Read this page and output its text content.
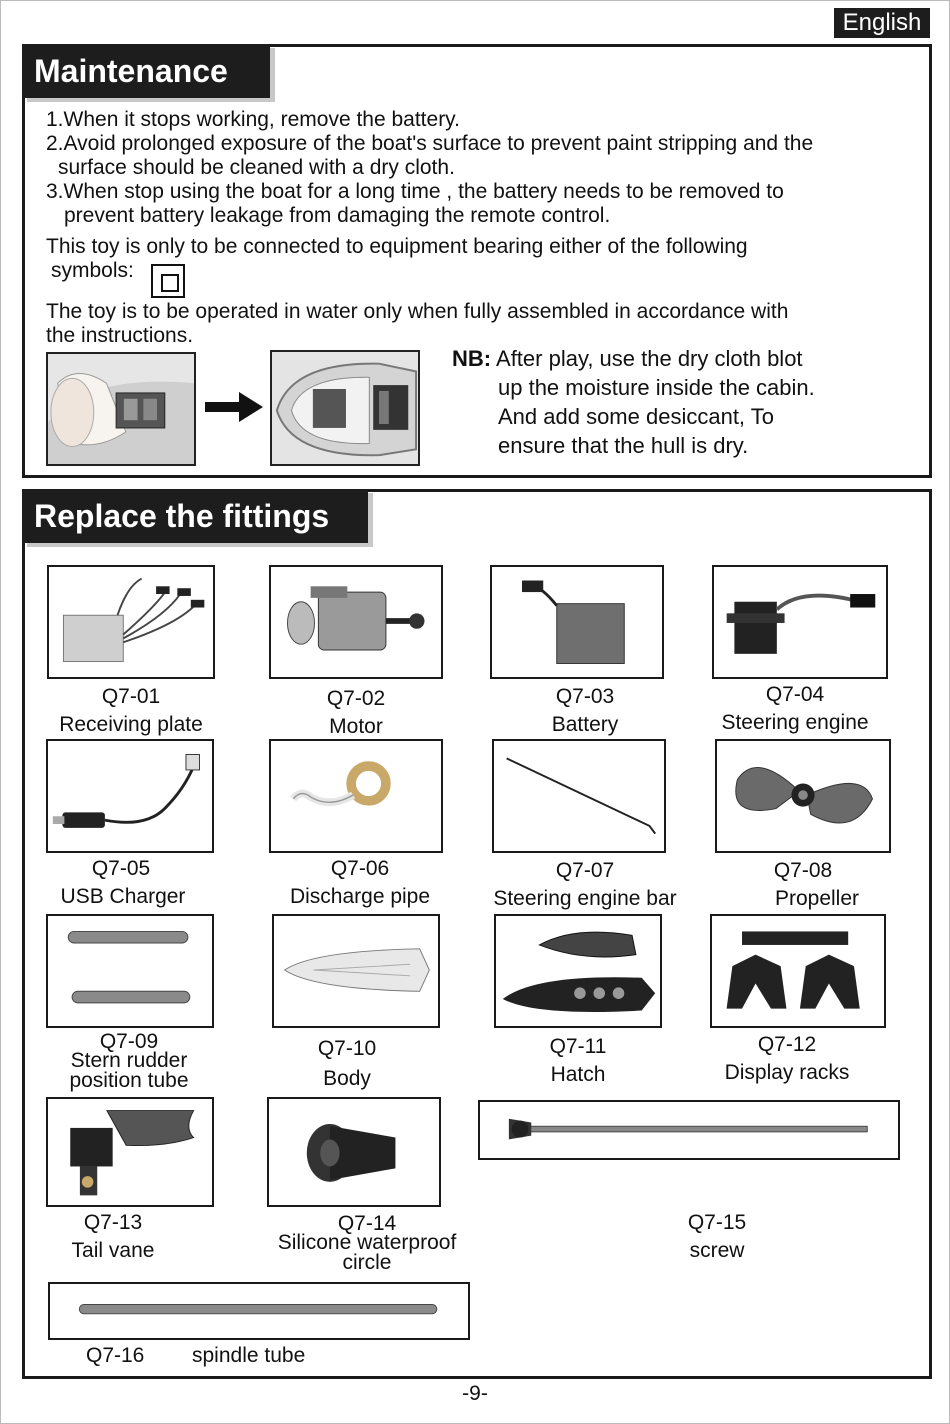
English
Maintenance
1.When it stops working, remove the battery.
2.Avoid prolonged exposure of the boat's surface to prevent paint stripping and the
surface should be cleaned with a dry cloth.
3.When stop using the boat for a long time , the battery needs to be removed to
prevent battery leakage from damaging the remote control.
This toy is only to be connected to equipment bearing either of the following
symbols:
The toy is to be operated in water only when fully assembled in accordance with
the instructions.
NB: After play, use the dry cloth blot
up the moisture inside the cabin.
And add some desiccant, To
ensure that the hull is dry.
Replace the fittings
Q7-01
Receiving plate
Q7-02
Motor
Q7-03
Battery
Q7-04
Steering engine
Q7-05
USB Charger
Q7-06
Discharge pipe
Q7-07
Steering engine bar
Q7-08
Propeller
Q7-09
Stern rudder
position tube
Q7-10
Body
Q7-11
Hatch
Q7-12
Display racks
Q7-13
Tail vane
Q7-14
Silicone waterproof
circle
Q7-15
screw
Q7-16	spindle tube
-9-
